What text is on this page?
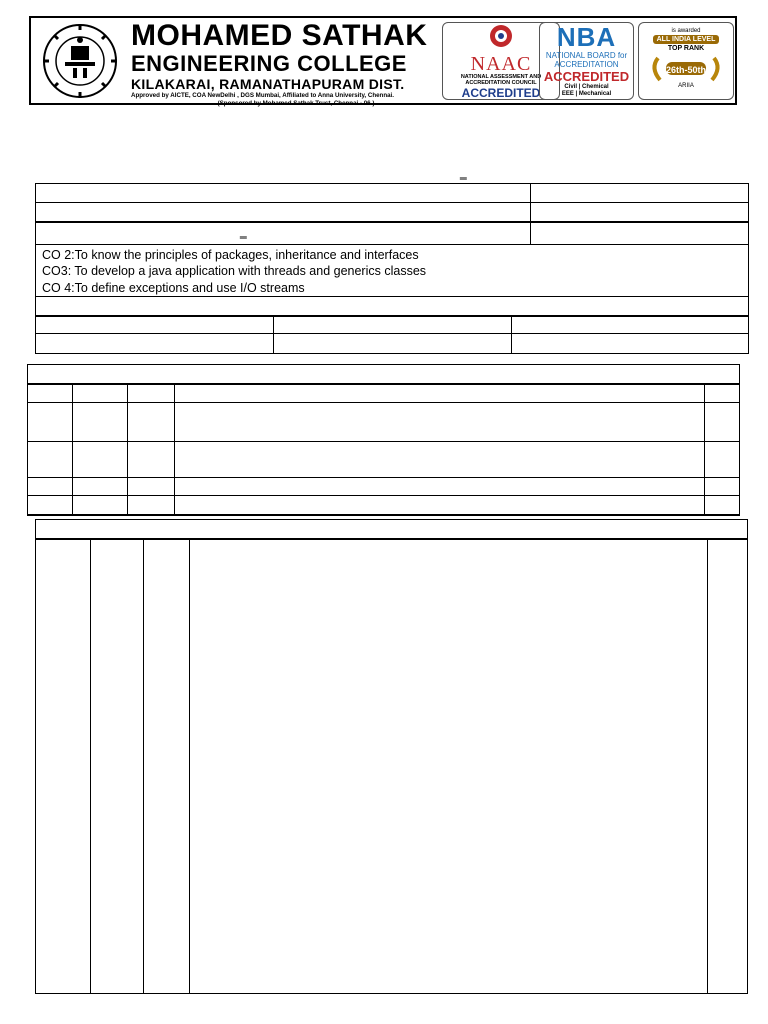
MOHAMED SATHAK
ENGINEERING COLLEGE
KILAKARAI, RAMANATHAPURAM DIST.
Approved by AICTE, COA NewDelhi , DGS Mumbai, Affiliated to Anna University, Chennai.
(Sponsored by Mohamed Sathak Trust, Chennai - 06.)
NAAC
NATIONAL ASSESSMENT AND ACCREDITATION COUNCIL
ACCREDITED
NBA
NATIONAL BOARD for ACCREDITATION
ACCREDITED
Civil | Chemical
EEE | Mechanical
is awarded
ALL INDIA LEVEL
TOP RANK
26th-50th
ARIIA
‗
‗
CO 2:To know the principles of packages, inheritance and interfaces
CO3: To develop a java application with threads and generics classes
CO 4:To define exceptions and use I/O streams
